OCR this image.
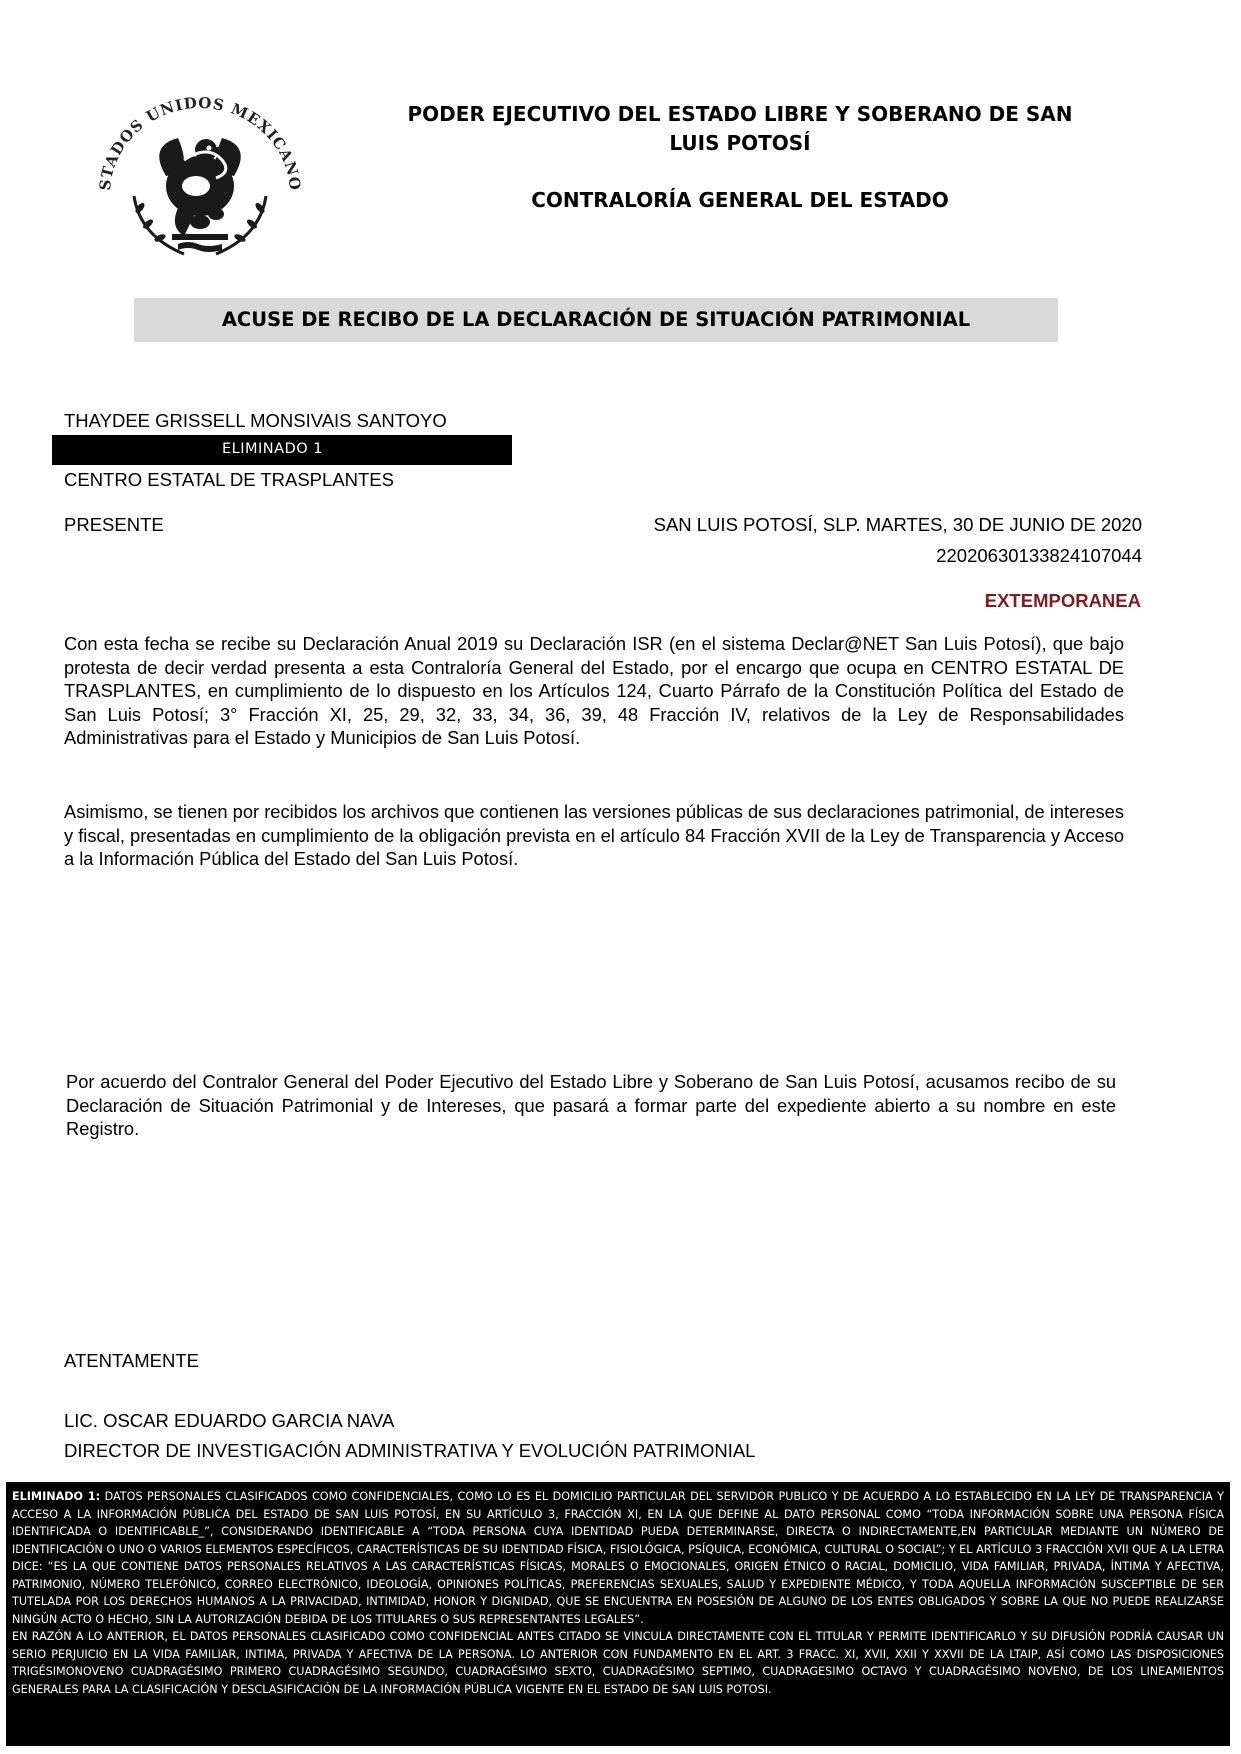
STADOS UNIDOS MEXICANO
PODER EJECUTIVO DEL ESTADO LIBRE Y SOBERANO DE SAN
LUIS POTOSÍ
CONTRALORÍA GENERAL DEL ESTADO
ACUSE DE RECIBO DE LA DECLARACIÓN DE SITUACIÓN PATRIMONIAL
THAYDEE GRISSELL MONSIVAIS SANTOYO
ELIMINADO 1
CENTRO ESTATAL DE TRASPLANTES
PRESENTE	SAN LUIS POTOSÍ, SLP. MARTES, 30 DE JUNIO DE 2020
22020630133824107044
EXTEMPORANEA
Con esta fecha se recibe su Declaración Anual 2019 su Declaración ISR (en el sistema Declar@NET San Luis Potosí), que bajo protesta de decir verdad presenta a esta Contraloría General del Estado, por el encargo que ocupa en CENTRO ESTATAL DE TRASPLANTES, en cumplimiento de lo dispuesto en los Artículos 124, Cuarto Párrafo de la Constitución Política del Estado de San Luis Potosí; 3° Fracción XI, 25, 29, 32, 33, 34, 36, 39, 48 Fracción IV, relativos de la Ley de Responsabilidades Administrativas para el Estado y Municipios de San Luis Potosí.
Asimismo, se tienen por recibidos los archivos que contienen las versiones públicas de sus declaraciones patrimonial, de intereses y fiscal, presentadas en cumplimiento de la obligación prevista en el artículo 84 Fracción XVII de la Ley de Transparencia y Acceso a la Información Pública del Estado del San Luis Potosí.
Por acuerdo del Contralor General del Poder Ejecutivo del Estado Libre y Soberano de San Luis Potosí, acusamos recibo de su Declaración de Situación Patrimonial y de Intereses, que pasará a formar parte del expediente abierto a su nombre en este Registro.
ATENTAMENTE
LIC. OSCAR EDUARDO GARCIA NAVA
DIRECTOR DE INVESTIGACIÓN ADMINISTRATIVA Y EVOLUCIÓN PATRIMONIAL

ELIMINADO 1: DATOS PERSONALES CLASIFICADOS COMO CONFIDENCIALES, COMO LO ES EL DOMICILIO PARTICULAR DEL SERVIDOR PUBLICO Y DE ACUERDO A LO ESTABLECIDO EN LA LEY DE TRANSPARENCIA Y ACCESO A LA INFORMACIÓN PÚBLICA DEL ESTADO DE SAN LUIS POTOSÍ, EN SU ARTÍCULO 3, FRACCIÓN XI, EN LA QUE DEFINE AL DATO PERSONAL COMO “TODA INFORMACIÓN SOBRE UNA PERSONA FÍSICA IDENTIFICADA O IDENTIFICABLE_”, CONSIDERANDO IDENTIFICABLE A “TODA PERSONA CUYA IDENTIDAD PUEDA DETERMINARSE, DIRECTA O INDIRECTAMENTE,EN PARTICULAR MEDIANTE UN NÚMERO DE IDENTIFICACIÓN O UNO O VARIOS ELEMENTOS ESPECÍFICOS, CARACTERÍSTICAS DE SU IDENTIDAD FÍSICA, FISIOLÓGICA, PSÍQUICA, ECONÓMICA, CULTURAL O SOCIAL”; Y EL ARTÍCULO 3 FRACCIÓN XVII QUE A LA LETRA DICE: “ES LA QUE CONTIENE DATOS PERSONALES RELATIVOS A LAS CARACTERÍSTICAS FÍSICAS, MORALES O EMOCIONALES, ORIGEN ÉTNICO O RACIAL, DOMICILIO, VIDA FAMILIAR, PRIVADA, ÍNTIMA Y AFECTIVA, PATRIMONIO, NÚMERO TELEFÓNICO, CORREO ELECTRÓNICO, IDEOLOGÍA, OPINIONES POLÍTICAS, PREFERENCIAS SEXUALES, SALUD Y EXPEDIENTE MÉDICO, Y TODA AQUELLA INFORMACIÓN SUSCEPTIBLE DE SER TUTELADA POR LOS DERECHOS HUMANOS A LA PRIVACIDAD, INTIMIDAD, HONOR Y DIGNIDAD, QUE SE ENCUENTRA EN POSESIÓN DE ALGUNO DE LOS ENTES OBLIGADOS Y SOBRE LA QUE NO PUEDE REALIZARSE NINGÚN ACTO O HECHO, SIN LA AUTORIZACIÓN DEBIDA DE LOS TITULARES O SUS REPRESENTANTES LEGALES”.

EN RAZÓN A LO ANTERIOR, EL DATOS PERSONALES CLASIFICADO COMO CONFIDENCIAL ANTES CITADO SE VINCULA DIRECTAMENTE CON EL TITULAR Y PERMITE IDENTIFICARLO Y SU DIFUSIÓN PODRÍA CAUSAR UN SERIO PERJUICIO EN LA VIDA FAMILIAR, INTIMA, PRIVADA Y AFECTIVA DE LA PERSONA. LO ANTERIOR CON FUNDAMENTO EN EL ART. 3 FRACC. XI, XVII, XXII Y XXVII DE LA LTAIP, ASÍ COMO LAS DISPOSICIONES TRIGÉSIMONOVENO CUADRAGÉSIMO PRIMERO CUADRAGÉSIMO SEGUNDO, CUADRAGÉSIMO SEXTO, CUADRAGÉSIMO SEPTIMO, CUADRAGESIMO OCTAVO Y CUADRAGÉSIMO NOVENO, DE LOS LINEAMIENTOS GENERALES PARA LA CLASIFICACIÓN Y DESCLASIFICACIÓN DE LA INFORMACIÓN PÚBLICA VIGENTE EN EL ESTADO DE SAN LUIS POTOSI.
